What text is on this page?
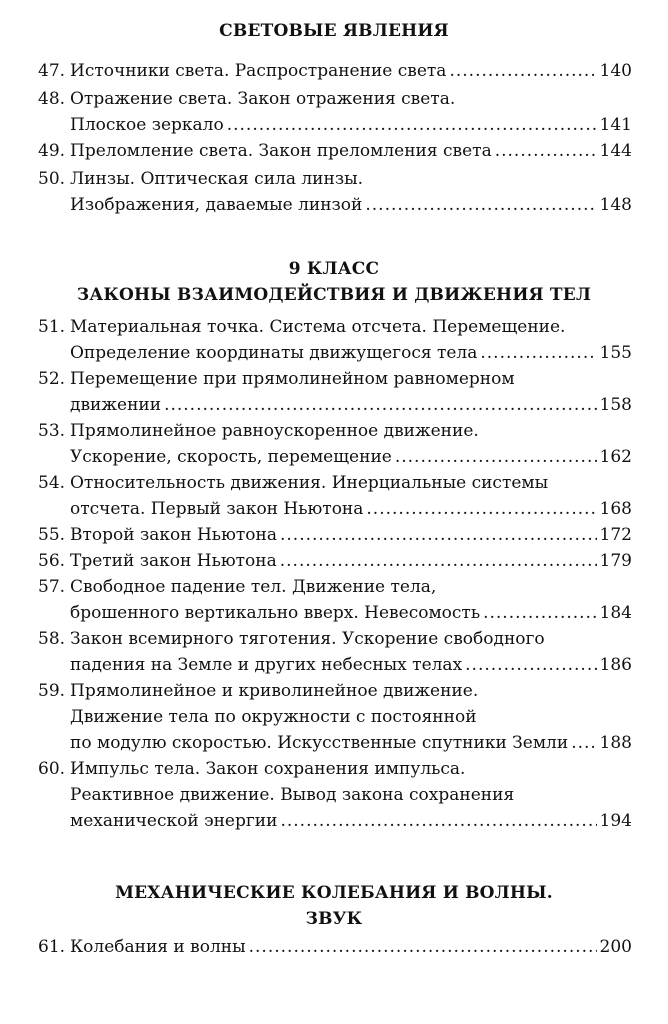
СВЕТОВЫЕ ЯВЛЕНИЯ
47. Источники света. Распространение света .....	140
48. Отражение света. Закон отражения света.
Плоское зеркало .....	141
49. Преломление света. Закон преломления света .....	144
50. Линзы. Оптическая сила линзы.
Изображения, даваемые линзой .....	148
9 КЛАСС
ЗАКОНЫ ВЗАИМОДЕЙСТВИЯ И ДВИЖЕНИЯ ТЕЛ
51. Материальная точка. Система отсчета. Перемещение.
Определение координаты движущегося тела .....	155
52. Перемещение при прямолинейном равномерном
движении .....	158
53. Прямолинейное равноускоренное движение.
Ускорение, скорость, перемещение .....	162
54. Относительность движения. Инерциальные системы
отсчета. Первый закон Ньютона .....	168
55. Второй закон Ньютона .....	172
56. Третий закон Ньютона .....	179
57. Свободное падение тел. Движение тела,
брошенного вертикально вверх. Невесомость .....	184
58. Закон всемирного тяготения. Ускорение свободного
падения на Земле и других небесных телах .....	186
59. Прямолинейное и криволинейное движение.
Движение тела по окружности с постоянной
по модулю скоростью. Искусственные спутники Земли ..... 188
60. Импульс тела. Закон сохранения импульса.
Реактивное движение. Вывод закона сохранения
механической энергии .....	194
МЕХАНИЧЕСКИЕ КОЛЕБАНИЯ И ВОЛНЫ.
ЗВУК
61. Колебания и волны .....	200
